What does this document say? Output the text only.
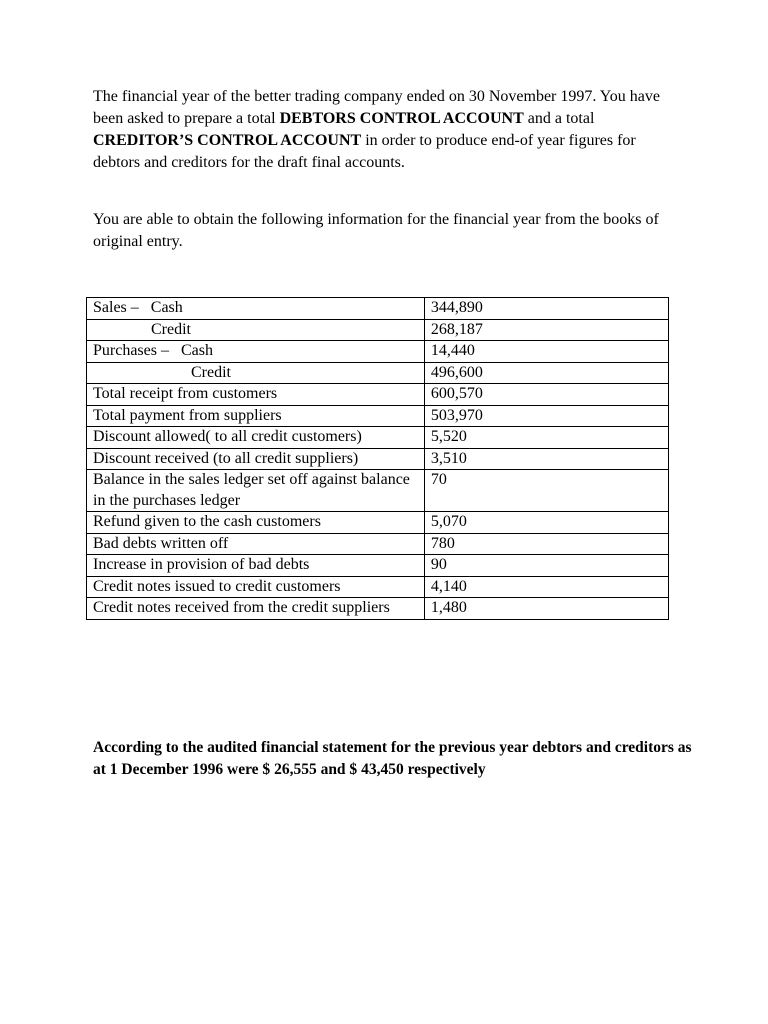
The financial year of the better trading company ended on 30 November 1997. You have been asked to prepare a total DEBTORS CONTROL ACCOUNT and a total CREDITOR’S CONTROL ACCOUNT in order to produce end-of year figures for debtors and creditors for the draft final accounts.

You are able to obtain the following information for the financial year from the books of original entry.

Sales – Cash	344,890
Credit	268,187
Purchases – Cash	14,440
Credit	496,600
Total receipt from customers	600,570
Total payment from suppliers	503,970
Discount allowed( to all credit customers)	5,520
Discount received (to all credit suppliers)	3,510
Balance in the sales ledger set off against balance in the purchases ledger	70
Refund given to the cash customers	5,070
Bad debts written off	780
Increase in provision of bad debts	90
Credit notes issued to credit customers	4,140
Credit notes received from the credit suppliers	1,480

According to the audited financial statement for the previous year debtors and creditors as at 1 December 1996 were $ 26,555 and $ 43,450 respectively
